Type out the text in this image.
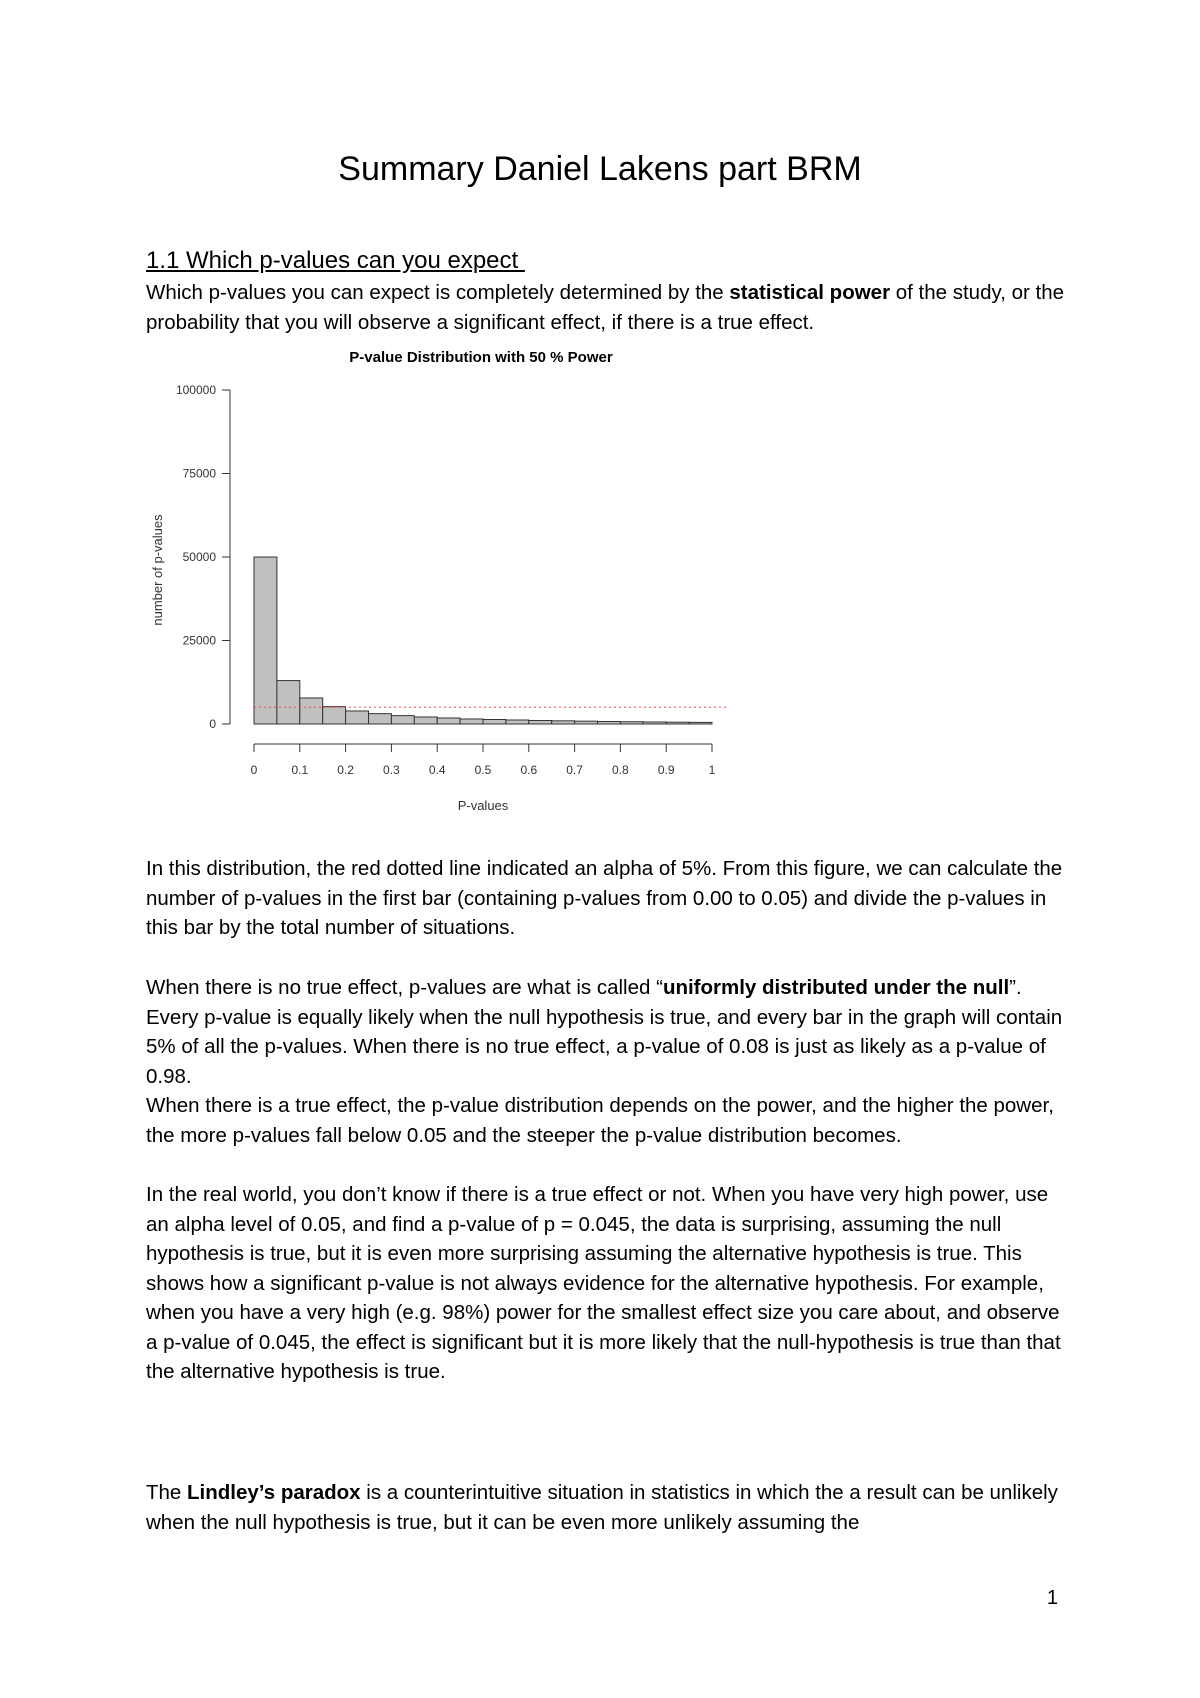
Summary Daniel Lakens part BRM
1.1 Which p-values can you expect

Which p-values you can expect is completely determined by the statistical power of the study, or the probability that you will observe a significant effect, if there is a true effect.

P-value Distribution with 50 % Power
number of p-values
P-values
0
25000
50000
75000
100000
0	0.1 0.2 0.3 0.4 0.5 0.6 0.7 0.8 0.9	1

In this distribution, the red dotted line indicated an alpha of 5%. From this figure, we can calculate the number of p-values in the first bar (containing p-values from 0.00 to 0.05) and divide the p-values in this bar by the total number of situations.

When there is no true effect, p-values are what is called “uniformly distributed under the null”. Every p-value is equally likely when the null hypothesis is true, and every bar in the graph will contain 5% of all the p-values. When there is no true effect, a p-value of 0.08 is just as likely as a p-value of 0.98.
When there is a true effect, the p-value distribution depends on the power, and the higher the power, the more p-values fall below 0.05 and the steeper the p-value distribution becomes.

In the real world, you don’t know if there is a true effect or not. When you have very high power, use an alpha level of 0.05, and find a p-value of p = 0.045, the data is surprising, assuming the null hypothesis is true, but it is even more surprising assuming the alternative hypothesis is true. This shows how a significant p-value is not always evidence for the alternative hypothesis. For example, when you have a very high (e.g. 98%) power for the smallest effect size you care about, and observe a p-value of 0.045, the effect is significant but it is more likely that the null-hypothesis is true than that the alternative hypothesis is true.

The Lindley’s paradox is a counterintuitive situation in statistics in which the a result can be unlikely when the null hypothesis is true, but it can be even more unlikely assuming the

1
